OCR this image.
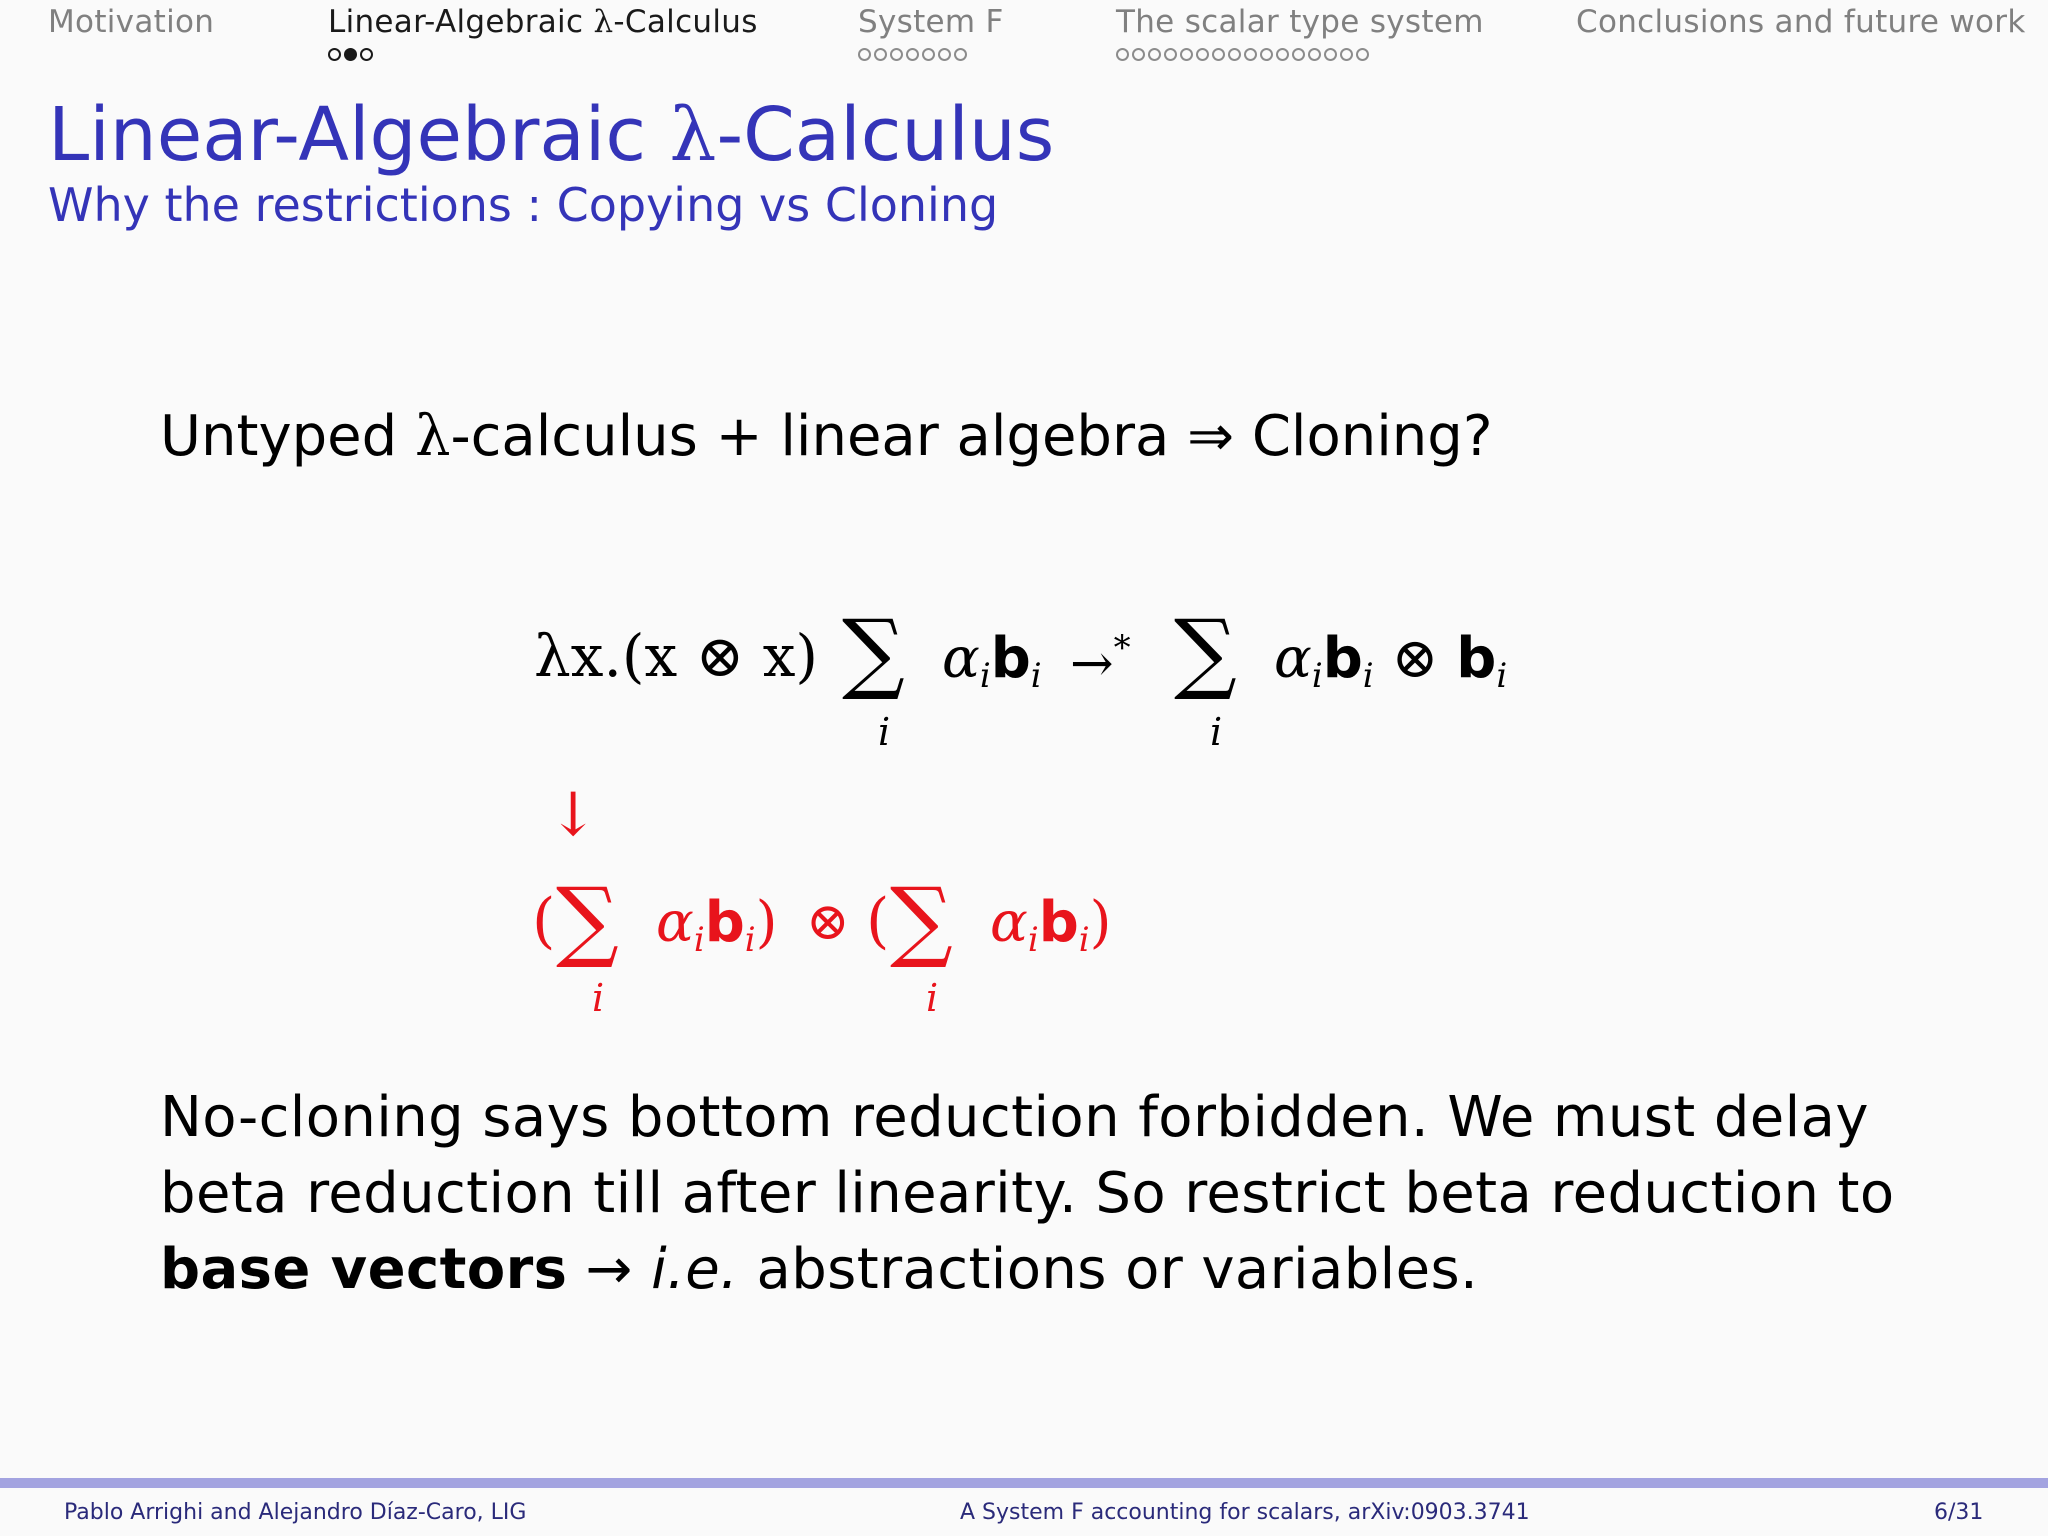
Motivation	Linear-Algebraic λ-Calculus	System F	The scalar type system	Conclusions and future work
Linear-Algebraic λ-Calculus
Why the restrictions : Copying vs Cloning
Untyped λ-calculus + linear algebra ⇒ Cloning?
λx.(x ⊗ x) ∑
i
$\alpha_ib_i \to^*$ ∑
i
$\alpha_ib_i$ ⊗ $b_i$
↓
( ∑
i
$\alpha_ib_i$) ⊗ ( ∑
i
$\alpha_ib_i$)
No-cloning says bottom reduction forbidden. We must delay beta reduction till after linearity. So restrict beta reduction to base vectors → i.e. abstractions or variables.
Pablo Arrighi and Alejandro Díaz-Caro, LIG	A System F accounting for scalars, arXiv:0903.3741	6/31
